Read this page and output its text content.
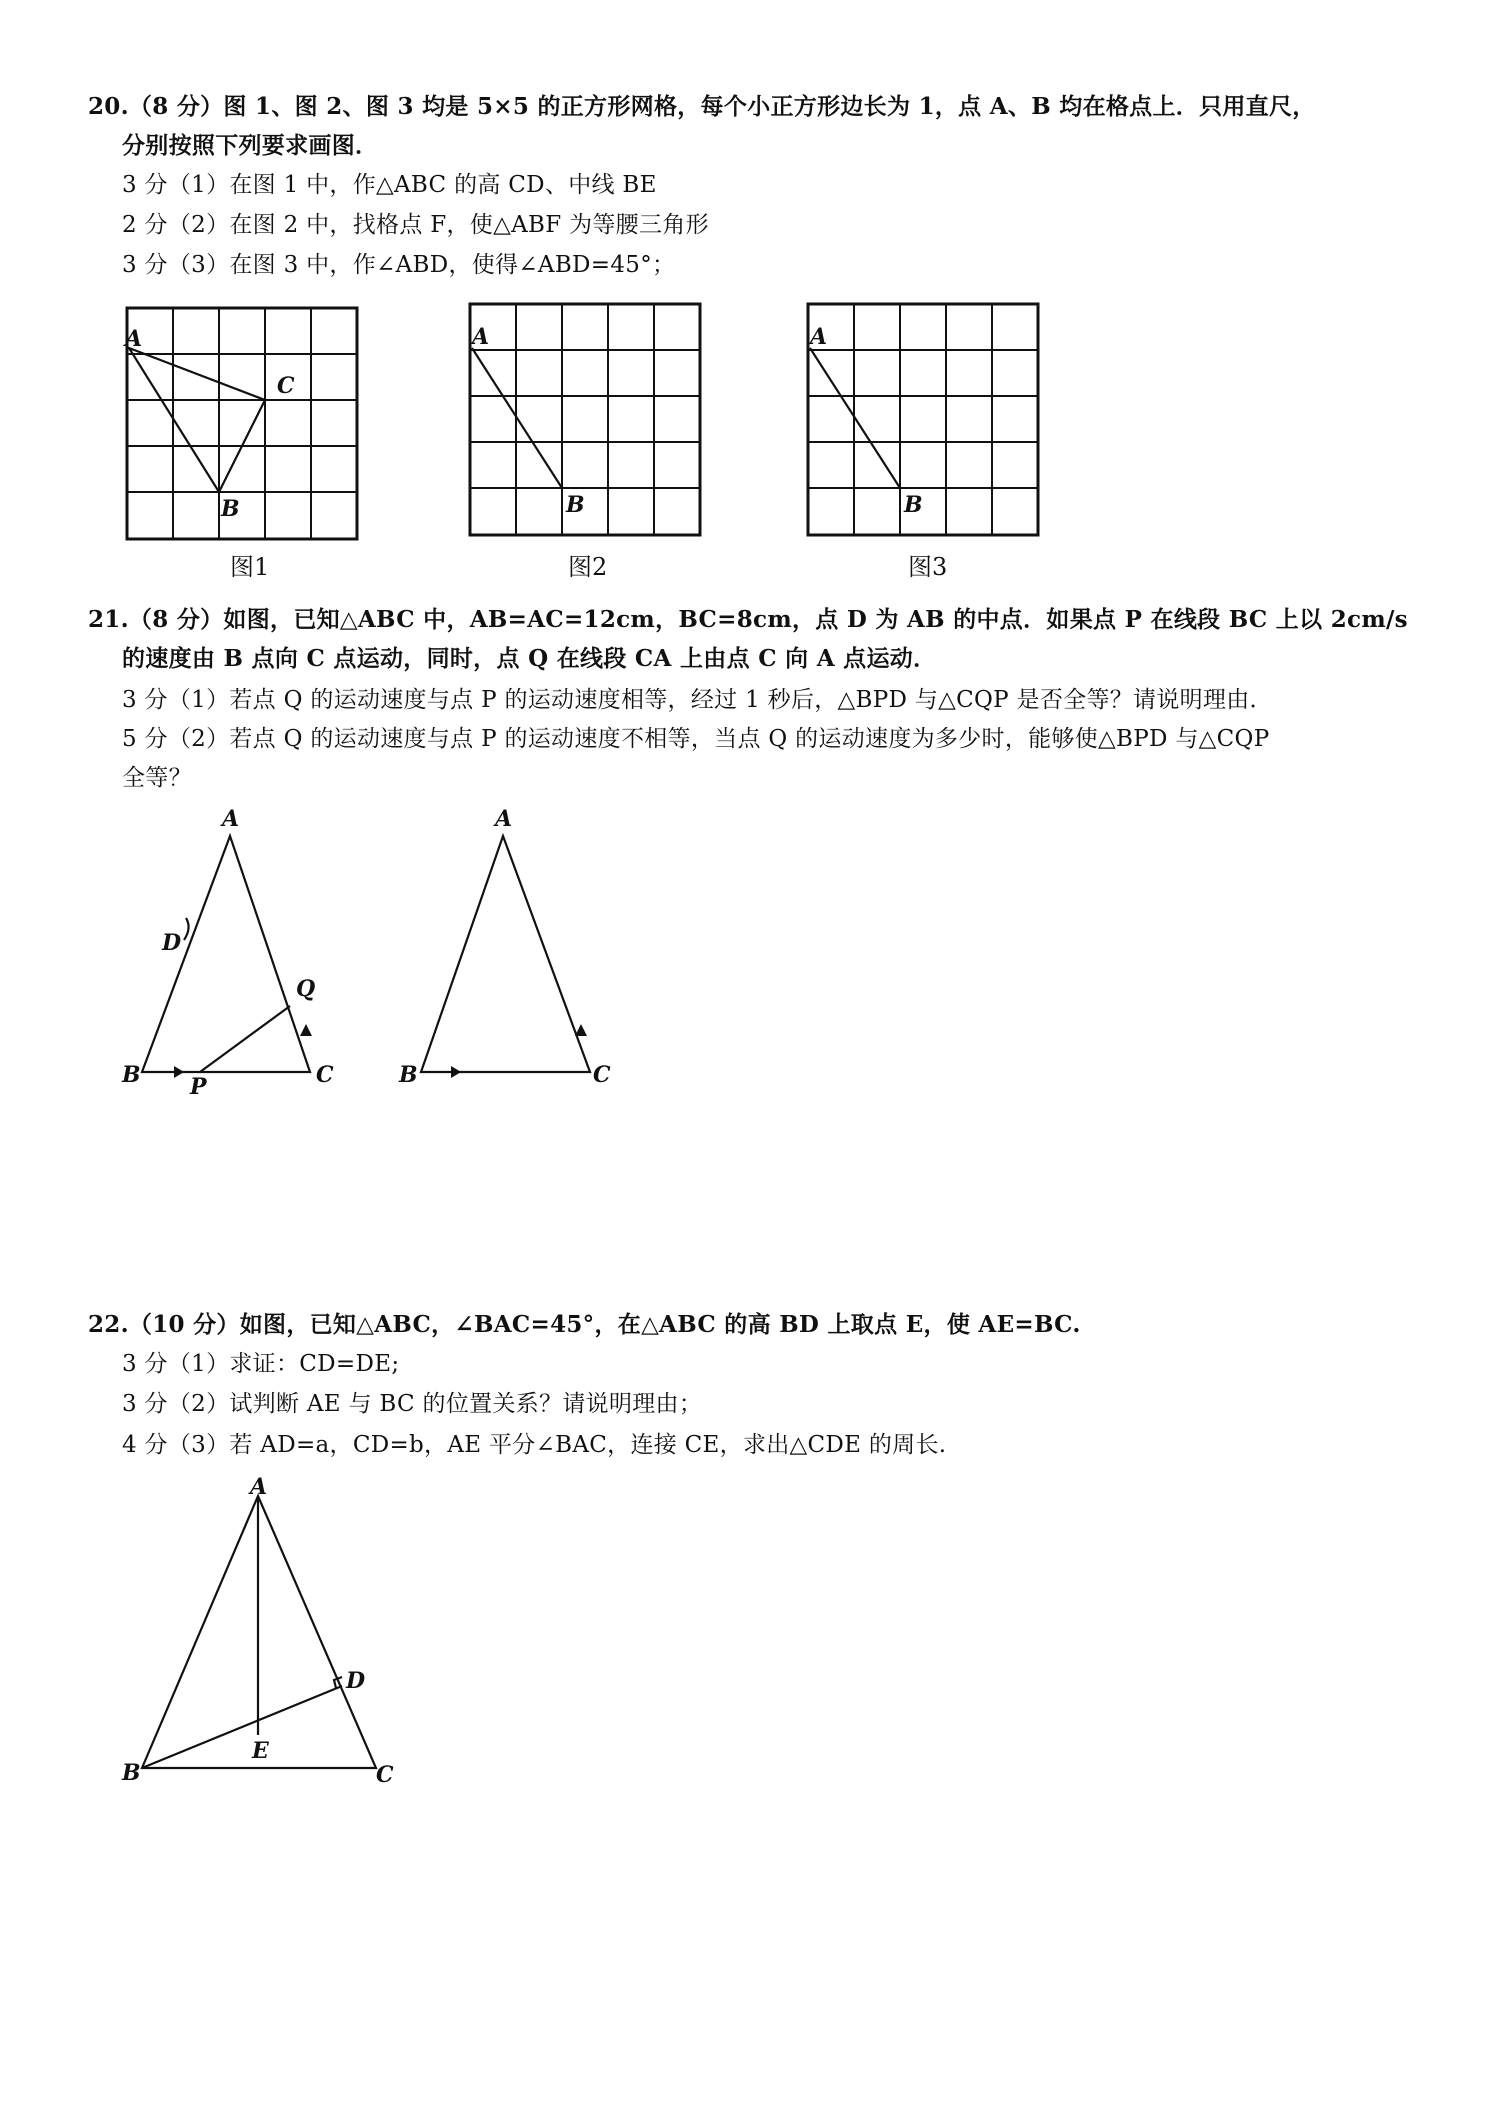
20.（8 分）图 1、图 2、图 3 均是 5×5 的正方形网格，每个小正方形边长为 1，点 A、B 均在格点上．只用直尺，
分别按照下列要求画图．
3 分（1）在图 1 中，作△ABC 的高 CD、中线 BE
2 分（2）在图 2 中，找格点 F，使△ABF 为等腰三角形
3 分（3）在图 3 中，作∠ABD，使得∠ABD=45°；
A
C
B
图1
A
B
图2
A
B
图3
21.（8 分）如图，已知△ABC 中，AB=AC=12cm，BC=8cm，点 D 为 AB 的中点．如果点 P 在线段 BC 上以 2cm/s
的速度由 B 点向 C 点运动，同时，点 Q 在线段 CA 上由点 C 向 A 点运动．
3 分（1）若点 Q 的运动速度与点 P 的运动速度相等，经过 1 秒后，△BPD 与△CQP 是否全等？请说明理由．
5 分（2）若点 Q 的运动速度与点 P 的运动速度不相等，当点 Q 的运动速度为多少时，能够使△BPD 与△CQP
全等？
A
D
Q
B P	C
A
B	C
22.（10 分）如图，已知△ABC，∠BAC=45°，在△ABC 的高 BD 上取点 E，使 AE=BC.
3 分（1）求证：CD=DE;
3 分（2）试判断 AE 与 BC 的位置关系？请说明理由；
4 分（3）若 AD=a，CD=b，AE 平分∠BAC，连接 CE，求出△CDE 的周长.
A
D
E
B	C
